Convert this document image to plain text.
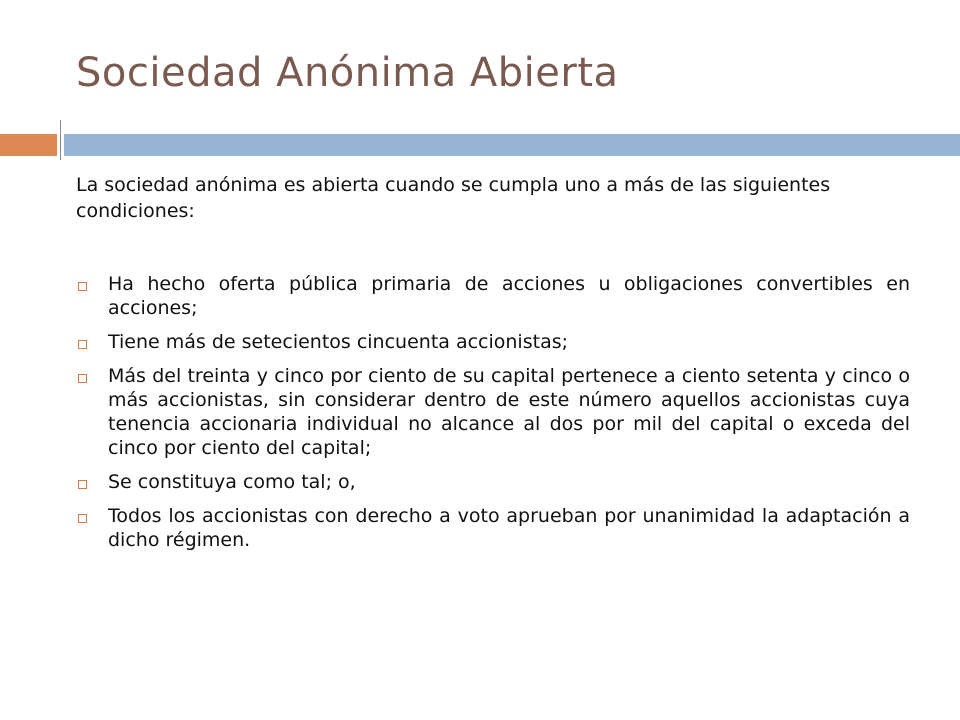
Sociedad Anónima Abierta

La sociedad anónima es abierta cuando se cumpla uno a más de las siguientes condiciones:

Ha hecho oferta pública primaria de acciones u obligaciones convertibles en acciones;
Tiene más de setecientos cincuenta accionistas;
Más del treinta y cinco por ciento de su capital pertenece a ciento setenta y cinco o más accionistas, sin considerar dentro de este número aquellos accionistas cuya tenencia accionaria individual no alcance al dos por mil del capital o exceda del cinco por ciento del capital;
Se constituya como tal; o,
Todos los accionistas con derecho a voto aprueban por unanimidad la adaptación a dicho régimen.
